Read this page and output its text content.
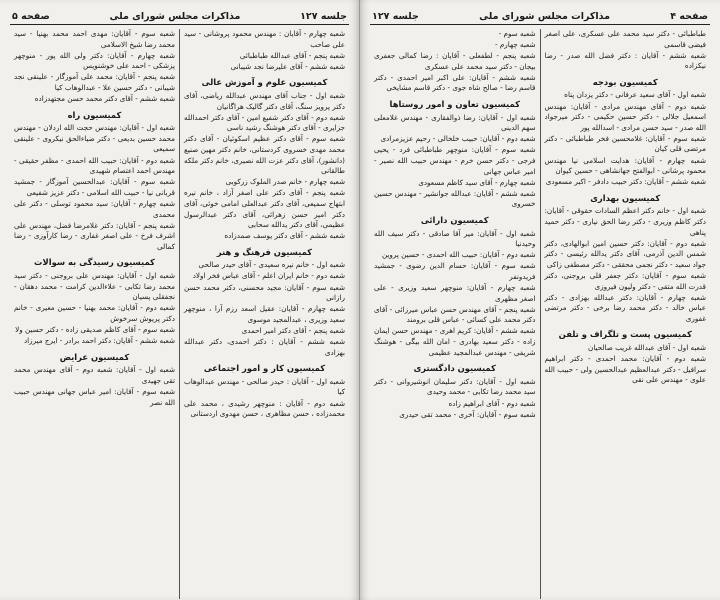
جلسه ۱۲۷
مذاکرات مجلس شورای ملی
صفحه ۵
شعبه چهارم - آقایان : مهندس محمود پروشانی - سید علی صاحب
شعبه پنجم - آقای عبدالله طباطبائی
شعبه ششم - آقای علیرضا نجد شیبانی
کمیسیون علوم و آموزش عالی
شعبه اول - جناب آقای مهندس عبدالله ریاضی، آقای دکتر پرویز سنگ، آقای دکتر گالیک هراگانیان
شعبه دوم - آقای دکتر شفیع امین - آقای دکتر احمدالله جزایری - آقای دکتر هوشنگ رشید ناسی
شعبه سوم - آقای دکتر عظیم اسکوئیان - آقای دکتر محمد مهدی خسروی کردستانی، خانم دکتر مهین صنیع (دانشور)، آقای دکتر عزت الله نصیری، خانم دکتر ملکه طالقانی
شعبه چهارم - خانم صدر الملوک زرکوبی
شعبه پنجم - آقای دکتر علی اصغر آزاد ، خانم نیره ابتهاج سمیعی، آقای دکتر عبدالعلی امامی خوئی، آقای دکتر امیر حسن زهرائی، آقای دکتر عبدالرسول عظیمی، آقای دکتر یدالله سحابی
شعبه ششم - آقای دکتر یوسف صمدزاده
کمیسیون فرهنگ و هنر
شعبه اول - خانم نیره سعیدی - آقای حیدر صالحی
شعبه دوم - خانم ایران اعلم - آقای عباس فخر اولاد
شعبه سوم - آقایان: مجید محسنی، دکتر محمد حسن رازانی
شعبه چهارم - آقایان: عقیل اسعد رزم آرا ، منوچهر سعید وزیری ، عبدالمجید موسوی
شعبه پنجم - آقای دکتر امیر احمدی
شعبه ششم - آقایان : دکتر احمدی، دکتر عبدالله بهزادی
کمیسیون کار و امور اجتماعی
شعبه اول - آقایان : حیدر صالحی - مهندس عبدالوهاب کیا
شعبه دوم - آقایان : منوچهر رشیدی ، محمد علی محمدزاده ، حسن مظاهری ، حسن مهدوی اردستانی
شعبه سوم - آقایان: مهدی احمد محمد بهنیا - سید محمد رضا شیخ الاسلامی
شعبه چهارم - آقایان: دکتر ولی الله پور - منوچهر پزشکی - احمد علی خوشنویس
شعبه پنجم - آقایان: محمد علی آموزگار - علینقی نجد شیبانی - دکتر حسین علا - عبدالوهاب کیا
شعبه ششم - آقای دکتر محمد حسن مجتهدزاده
کمیسیون راه
شعبه اول - آقایان: مهندس حجت الله اردلان - مهندس محمد حسین بدیعی - دکتر ضیاءالحق نیکروی - علینقی سمیعی
شعبه دوم - آقایان: حبیب الله احمدی - مظفر حقیقی - مهندس احمد اعتصام شهیدی
شعبه سوم - آقایان: عبدالحسین آموزگار - جمشید قربانی نیا - حبیب الله اسلامی - دکتر عزیز شفیعی
شعبه چهارم - آقایان: سید محمود توسلی - دکتر علی محمدی
شعبه پنجم - آقایان: دکتر غلامرضا فضل، مهندس علی اشرف فرخ - علی اصغر غفاری - رضا کارآوزی - رضا کمالی
کمیسیون رسیدگی به سوالات
شعبه اول - آقایان: مهندس علی بروجنی - دکتر سید محمد رضا تکابی - علاءالدین کرامت - محمد دهقان - نجفقلی پسیان
شعبه دوم - آقایان: محمد بهنیا - حسین معیری - خانم دکتر پریوش سرخوش
شعبه سوم - آقای کاظم صدیقی زاده - دکتر حسین ولا
شعبه ششم - آقایان: دکتر احمد برادر - ایرج میرزاد
کمیسیون عرایض
شعبه اول - آقایان: شعبه دوم - آقای مهندس محمد تقی جهیدی
شعبه سوم - آقایان: امیر عباس جهانی مهندس حبیب الله نصر
صفحه ۴
مذاکرات مجلس شورای ملی
جلسه ۱۲۷
طباطبائی - دکتر سید محمد علی عسکری، علی اصغر فیضی قاسمی
شعبه ششم - آقایان : دکتر فضل الله صدر - رضا نیکزاده
کمیسیون بودجه
شعبه اول - آقای سعید عرفانی - دکتر یزدان پناه
شعبه دوم - آقای مهندس مرادی - آقایان: مهندس اسمعیل جلالی - دکتر حسین حکیمی - دکتر میرجواد الله صدر - سید حسن مرادی - اسدالله پور
شعبه سوم - آقایان: غلامحسین فخر طباطبائی - دکتر مرتضی قلی کیان
شعبه چهارم - آقایان: هدایت اسلامی نیا مهندس محمود پرشانی - ابوالفتح جهانشاهی - حسین کیوان
شعبه ششم - آقایان: دکتر حبیب دادفر - اکبر مسعودی
کمیسیون بهداری
شعبه اول - خانم دکتر اعظم السادات حقوقی - آقایان: دکتر کاظم وزیری - دکتر رضا الحق نیاری - دکتر حمید پناهی
شعبه دوم - آقایان: دکتر حسین امین ابوالهادی، دکتر شمس الدین آذرمی، آقای دکتر یدالله رئیسی - دکتر جواد سعید - دکتر نجمی محققی - دکتر مصطفی زاکی
شعبه سوم - آقایان: دکتر جعفر قلی بروجنی، دکتر قدرت الله متقی - دکتر ولیون فیروزی
شعبه چهارم - آقایان: دکتر عبدالله بهزادی - دکتر عباس خالد - دکتر محمد رضا برخی - دکتر مرتضی غفوری
کمیسیون پست و تلگراف و تلفن
شعبه اول - آقای عبدالله غریب صالحیان
شعبه دوم - آقایان: محمد احمدی - دکتر ابراهیم سرافیل - دکتر عبدالعظیم عبدالحسین ولی - حبیب الله علوی - مهندس علی نقی
شعبه سوم -
شعبه چهارم -
شعبه پنجم - لطفعلی - آقایان : رضا کمالی جعفری بیجان - دکتر سید محمد علی عسکری
شعبه ششم - آقایان: علی اکبر امیر احمدی - دکتر قاسم رضا - صالح شاه جوی - دکتر قاسم مشایخی
کمیسیون تعاون و امور روستاها
شعبه اول - آقایان: رضا ذوالفقاری - مهندس غلامعلی سهم الدینی
شعبه دوم - آقایان: حبیب خلخالی - رحیم عزیزمرادی
شعبه سوم - آقایان: منوچهر طباطبائی فرد - یحیی فرجی - دکتر حسن خرم - مهندس حبیب الله نصیر - امیر عباس جهانی
شعبه چهارم - آقای سید کاظم مسعودی
شعبه ششم - آقایان: عبدالله جوانشیر - مهندس حسین خسروی
کمیسیون دارائی
شعبه اول - آقایان: میر آقا صادقی - دکتر سیف الله وحیدنیا
شعبه دوم - آقایان: حبیب الله احمدی - حسین پروین
شعبه سوم - آقایان: حسام الدین رضوی - جمشید فریدونفر
شعبه چهارم - آقایان: منوچهر سعید وزیری - علی اصغر مظهری
شعبه پنجم - آقای مهندس حسن عباس میرزائی - آقای دکتر محمد علی کسائی - عباس قلی برومند
شعبه ششم - آقایان: کریم اهری - مهندس حسن ایمان زاده - دکتر سعید بهادری - امان الله بیگی - هوشنگ شریفی - مهندس عبدالمجید عظیمی
کمیسیون دادگستری
شعبه اول - آقایان: دکتر سلیمان انوشیروانی - دکتر سید محمد رضا تکابی - محمد وحیدی
شعبه دوم - آقای ابراهیم زاده
شعبه سوم - آقایان: آخری - محمد تقی حیدری
